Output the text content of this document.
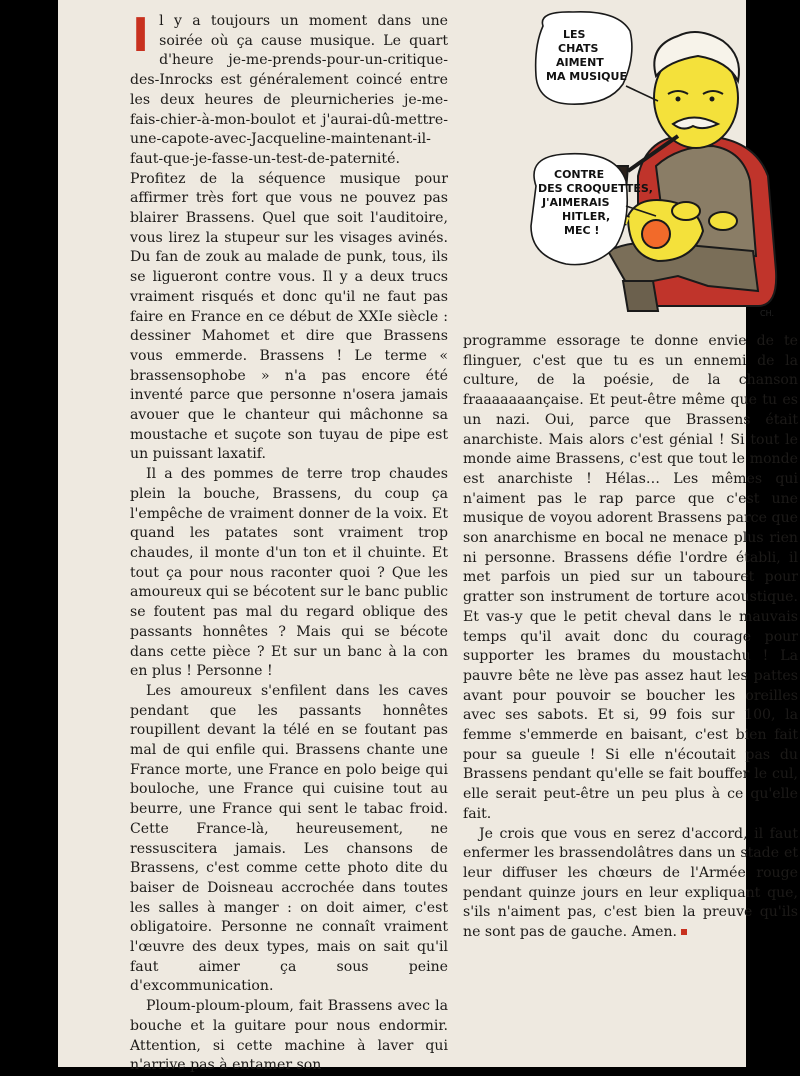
Il y a toujours un moment dans une soirée où ça cause musique. Le quart d'heure je-me-prends-pour-un-critique-des-Inrocks est généralement coincé entre les deux heures de pleurnicheries je-me-fais-chier-à-mon-boulot et j'aurai-dû-mettre-une-capote-avec-Jacqueline-maintenant-il-faut-que-je-fasse-un-test-de-paternité. Profitez de la séquence musique pour affirmer très fort que vous ne pouvez pas blairer Brassens. Quel que soit l'auditoire, vous lirez la stupeur sur les visages avinés. Du fan de zouk au malade de punk, tous, ils se ligueront contre vous. Il y a deux trucs vraiment risqués et donc qu'il ne faut pas faire en France en ce début de XXIe siècle : dessiner Mahomet et dire que Brassens vous emmerde. Brassens ! Le terme « brassensophobe » n'a pas encore été inventé parce que personne n'osera jamais avouer que le chanteur qui mâchonne sa moustache et suçote son tuyau de pipe est un puissant laxatif.

Il a des pommes de terre trop chaudes plein la bouche, Brassens, du coup ça l'empêche de vraiment donner de la voix. Et quand les patates sont vraiment trop chaudes, il monte d'un ton et il chuinte. Et tout ça pour nous raconter quoi ? Que les amoureux qui se bécotent sur le banc public se foutent pas mal du regard oblique des passants honnêtes ? Mais qui se bécote dans cette pièce ? Et sur un banc à la con en plus ! Personne !

Les amoureux s'enfilent dans les caves pendant que les passants honnêtes roupillent devant la télé en se foutant pas mal de qui enfile qui. Brassens chante une France morte, une France en polo beige qui bouloche, une France qui cuisine tout au beurre, une France qui sent le tabac froid. Cette France-là, heureusement, ne ressuscitera jamais. Les chansons de Brassens, c'est comme cette photo dite du baiser de Doisneau accrochée dans toutes les salles à manger : on doit aimer, c'est obligatoire. Personne ne connaît vraiment l'œuvre des deux types, mais on sait qu'il faut aimer ça sous peine d'excommunication.

Ploum-ploum-ploum, fait Brassens avec la bouche et la guitare pour nous endormir. Attention, si cette machine à laver qui n'arrive pas à entamer son

programme essorage te donne envie de te flinguer, c'est que tu es un ennemi de la culture, de la poésie, de la chanson fraaaaaaançaise. Et peut-être même que tu es un nazi. Oui, parce que Brassens était anarchiste. Mais alors c'est génial ! Si tout le monde aime Brassens, c'est que tout le monde est anarchiste ! Hélas… Les mêmes qui n'aiment pas le rap parce que c'est une musique de voyou adorent Brassens parce que son anarchisme en bocal ne menace plus rien ni personne. Brassens défie l'ordre établi, il met parfois un pied sur un tabouret pour gratter son instrument de torture acoustique. Et vas-y que le petit cheval dans le mauvais temps qu'il avait donc du courage pour supporter les brames du moustachu ! La pauvre bête ne lève pas assez haut les pattes avant pour pouvoir se boucher les oreilles avec ses sabots. Et si, 99 fois sur 100, la femme s'emmerde en baisant, c'est bien fait pour sa gueule ! Si elle n'écoutait pas du Brassens pendant qu'elle se fait bouffer le cul, elle serait peut-être un peu plus à ce qu'elle fait.

Je crois que vous en serez d'accord, il faut enfermer les brassendolâtres dans un stade et leur diffuser les chœurs de l'Armée rouge pendant quinze jours en leur expliquant que, s'ils n'aiment pas, c'est bien la preuve qu'ils ne sont pas de gauche. Amen.

LES
CHATS
AIMENT
MA MUSIQUE
CONTRE
DES CROQUETTES,
J'AIMERAIS
HITLER,
MEC !
CH.
